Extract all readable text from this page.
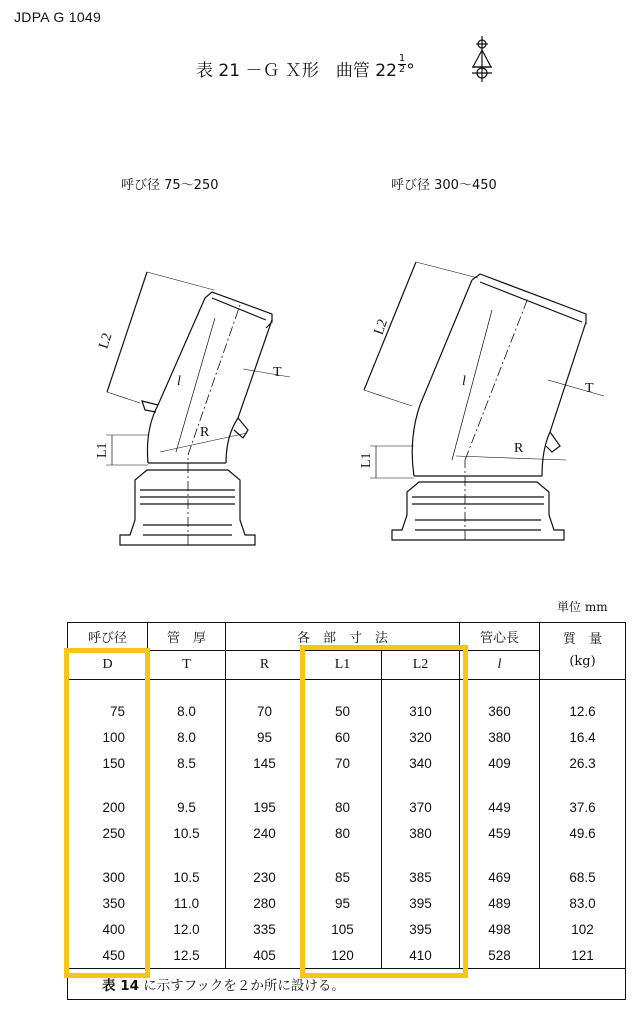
JDPA G 1049
表 21 －Ｇ Ｘ形　曲管 $22 \frac{1}{2}$ °
呼び径 75～250	呼び径 300～450
L2
l
T
R
L1
L2
l	T
R
L1
単位 mm
呼び径	管　厚	各　部　寸　法			管心長	質　量
(kg)
D	T	R	L1	L2	l	

75	8.0	70	50	310	360	12.6
100	8.0	95	60	320	380	16.4
150	8.5	145	70	340	409	26.3

200	9.5	195	80	370	449	37.6
250	10.5	240	80	380	459	49.6

300	10.5	230	85	385	469	68.5
350	11.0	280	95	395	489	83.0
400	12.0	335	105	395	498	102
450	12.5	405	120	410	528	121
表 14 に示すフックを２か所に設ける。						
